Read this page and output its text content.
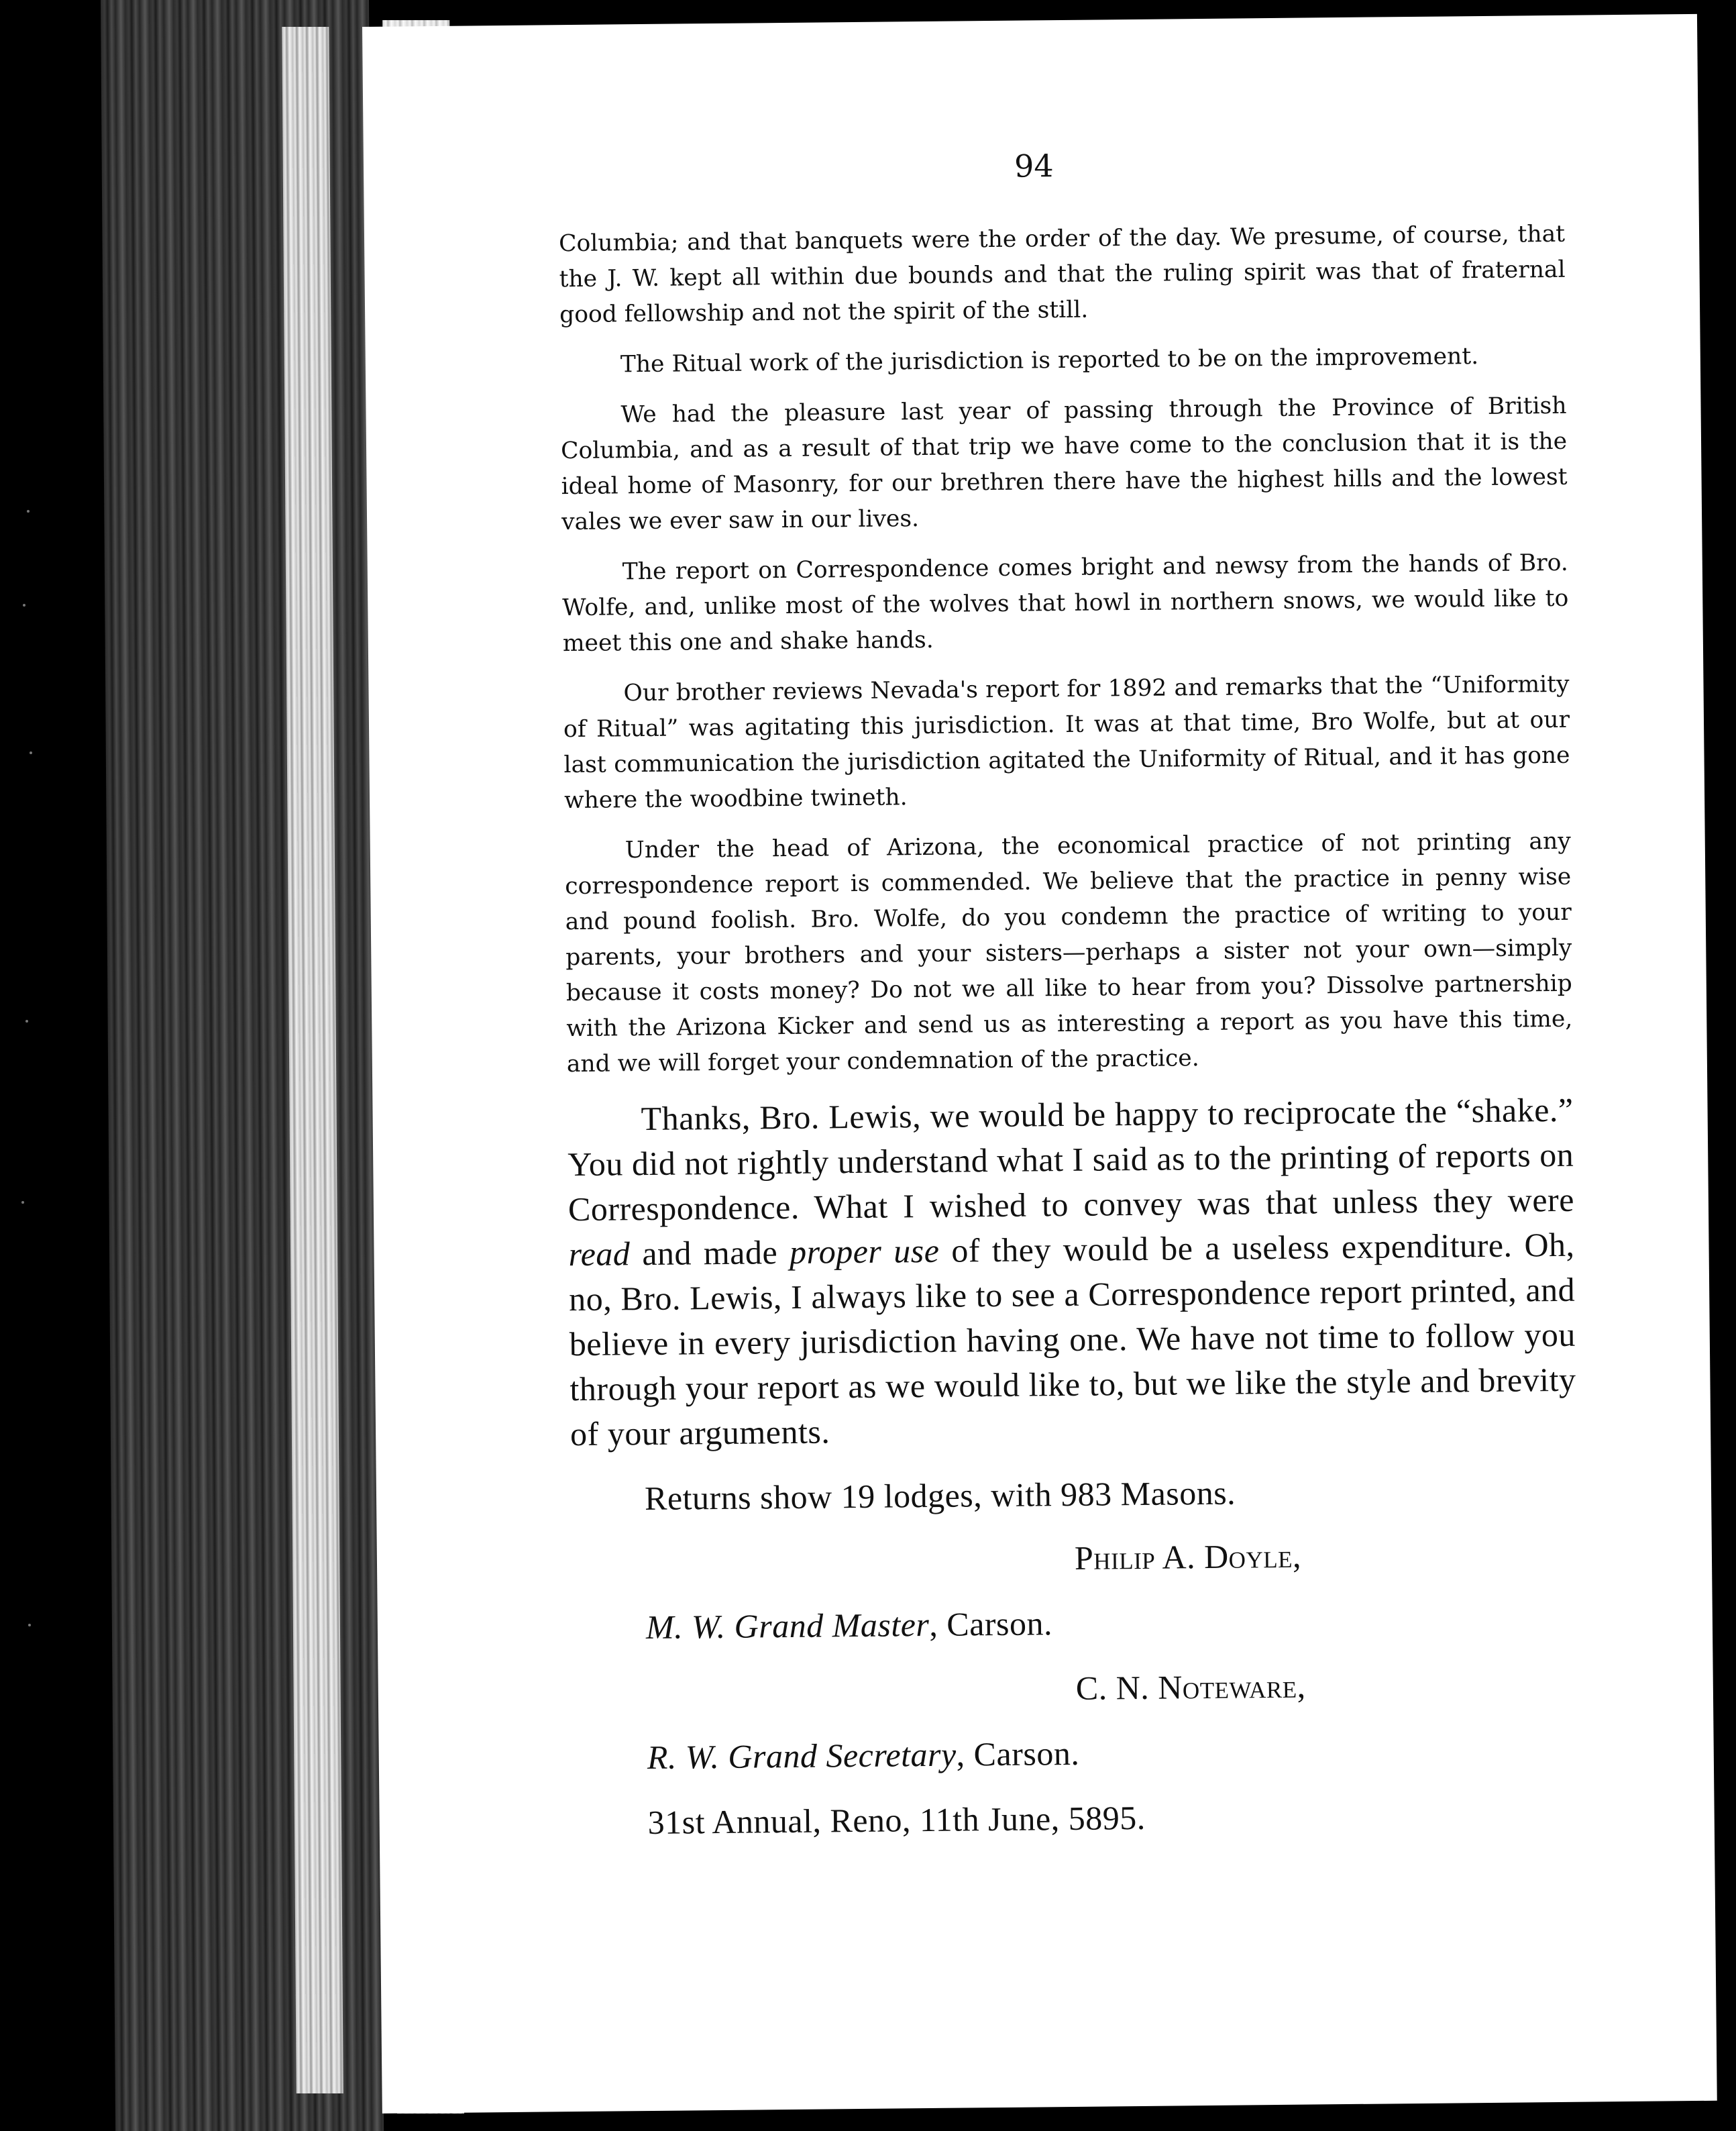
94

Columbia; and that banquets were the order of the day. We presume, of course, that the J. W. kept all within due bounds and that the ruling spirit was that of fraternal good fellowship and not the spirit of the still.

The Ritual work of the jurisdiction is reported to be on the improvement.

We had the pleasure last year of passing through the Province of British Columbia, and as a result of that trip we have come to the conclusion that it is the ideal home of Masonry, for our brethren there have the highest hills and the lowest vales we ever saw in our lives.

The report on Correspondence comes bright and newsy from the hands of Bro. Wolfe, and, unlike most of the wolves that howl in northern snows, we would like to meet this one and shake hands.

Our brother reviews Nevada's report for 1892 and remarks that the “Uniformity of Ritual” was agitating this jurisdiction. It was at that time, Bro Wolfe, but at our last communication the jurisdiction agitated the Uniformity of Ritual, and it has gone where the woodbine twineth.

Under the head of Arizona, the economical practice of not printing any correspondence report is commended. We believe that the practice in penny wise and pound foolish. Bro. Wolfe, do you condemn the practice of writing to your parents, your brothers and your sisters—perhaps a sister not your own—simply because it costs money? Do not we all like to hear from you? Dissolve partnership with the Arizona Kicker and send us as interesting a report as you have this time, and we will forget your condemnation of the practice.

Thanks, Bro. Lewis, we would be happy to reciprocate the “shake.” You did not rightly understand what I said as to the printing of reports on Correspondence. What I wished to convey was that unless they were read and made proper use of they would be a useless expenditure. Oh, no, Bro. Lewis, I always like to see a Correspondence report printed, and believe in every jurisdiction having one. We have not time to follow you through your report as we would like to, but we like the style and brevity of your arguments.

Returns show 19 lodges, with 983 Masons.

Philip A. Doyle,

M. W. Grand Master, Carson.

C. N. Noteware,

R. W. Grand Secretary, Carson.

31st Annual, Reno, 11th June, 5895.
